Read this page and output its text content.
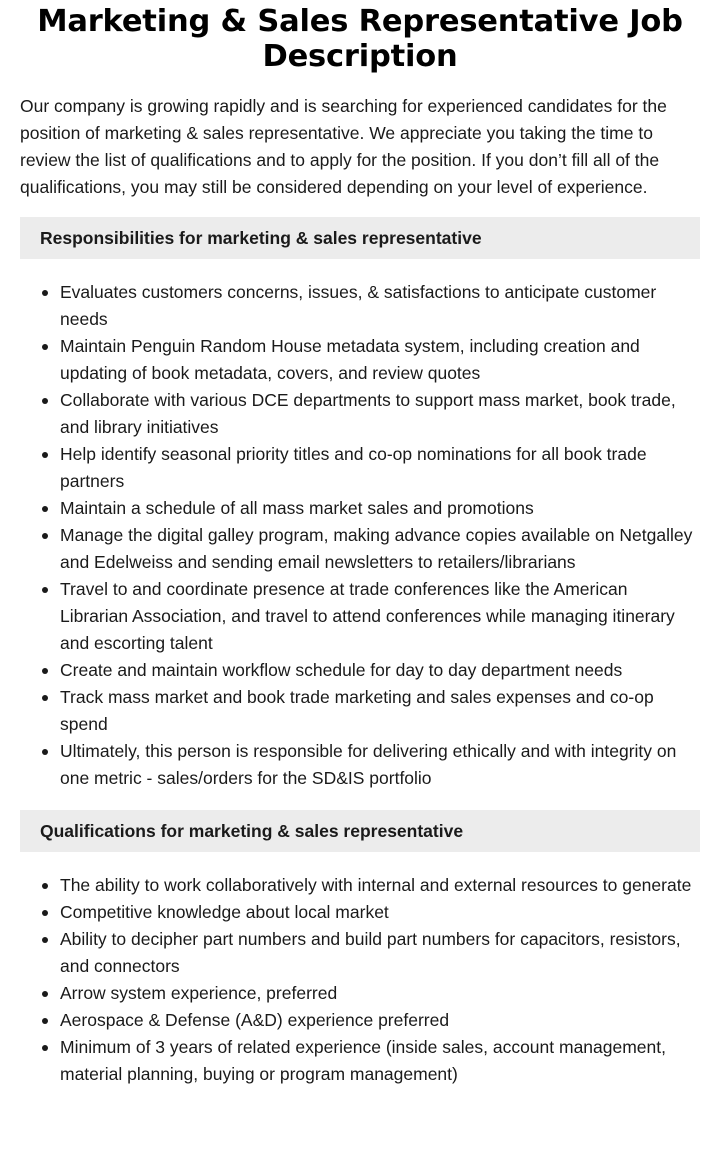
Marketing & Sales Representative Job Description

Our company is growing rapidly and is searching for experienced candidates for the position of marketing & sales representative. We appreciate you taking the time to review the list of qualifications and to apply for the position. If you don’t fill all of the qualifications, you may still be considered depending on your level of experience.

Responsibilities for marketing & sales representative
Evaluates customers concerns, issues, & satisfactions to anticipate customer needs
Maintain Penguin Random House metadata system, including creation and updating of book metadata, covers, and review quotes
Collaborate with various DCE departments to support mass market, book trade, and library initiatives
Help identify seasonal priority titles and co-op nominations for all book trade partners
Maintain a schedule of all mass market sales and promotions
Manage the digital galley program, making advance copies available on Netgalley and Edelweiss and sending email newsletters to retailers/librarians
Travel to and coordinate presence at trade conferences like the American Librarian Association, and travel to attend conferences while managing itinerary and escorting talent
Create and maintain workflow schedule for day to day department needs
Track mass market and book trade marketing and sales expenses and co-op spend
Ultimately, this person is responsible for delivering ethically and with integrity on one metric - sales/orders for the SD&IS portfolio
Qualifications for marketing & sales representative
The ability to work collaboratively with internal and external resources to generate
Competitive knowledge about local market
Ability to decipher part numbers and build part numbers for capacitors, resistors, and connectors
Arrow system experience, preferred
Aerospace & Defense (A&D) experience preferred
Minimum of 3 years of related experience (inside sales, account management, material planning, buying or program management)
